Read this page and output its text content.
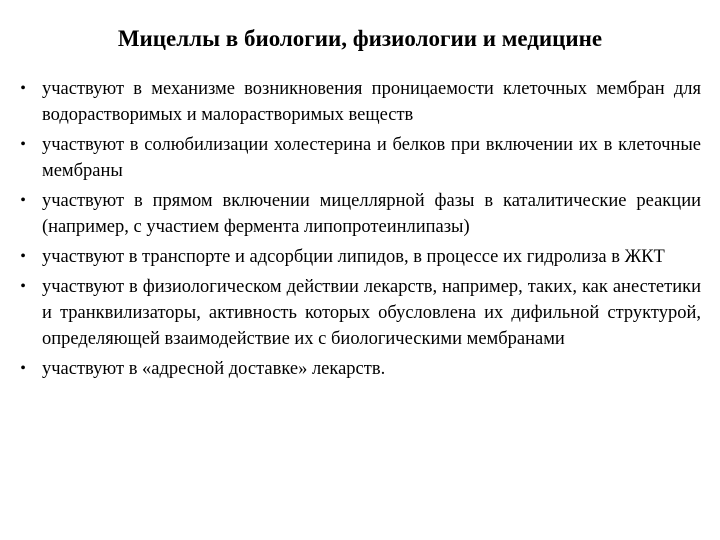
Мицеллы в биологии, физиологии и медицине
• участвуют в механизме возникновения проницаемости клеточных мембран для водорастворимых и малорастворимых веществ
• участвуют в солюбилизации холестерина и белков при включении их в клеточные мембраны
• участвуют в прямом включении мицеллярной фазы в каталитические реакции (например, с участием фермента липопротеинлипазы)
• участвуют в транспорте и адсорбции липидов, в процессе их гидролиза в ЖКТ
• участвуют в физиологическом действии лекарств, например, таких, как анестетики и транквилизаторы, активность которых обусловлена их дифильной структурой, определяющей взаимодействие их с биологическими мембранами
• участвуют в «адресной доставке» лекарств.
